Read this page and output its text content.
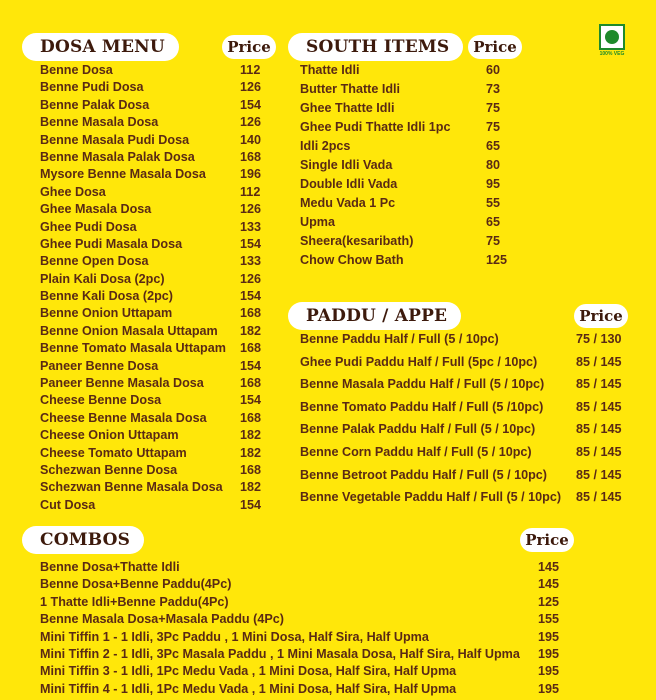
100% VEG
DOSA MENU	Price
Benne Dosa	112
Benne Pudi Dosa	126
Benne Palak Dosa	154
Benne Masala Dosa	126
Benne Masala Pudi Dosa	140
Benne Masala Palak Dosa	168
Mysore Benne Masala Dosa	196
Ghee Dosa	112
Ghee Masala Dosa	126
Ghee Pudi Dosa	133
Ghee Pudi Masala Dosa	154
Benne Open Dosa	133
Plain Kali Dosa (2pc)	126
Benne Kali Dosa (2pc)	154
Benne Onion Uttapam	168
Benne Onion Masala Uttapam 182
Benne Tomato Masala Uttapam 168
Paneer Benne Dosa	154
Paneer Benne Masala Dosa	168
Cheese Benne Dosa	154
Cheese Benne Masala Dosa	168
Cheese Onion Uttapam	182
Cheese Tomato Uttapam	182
Schezwan Benne Dosa	168
Schezwan Benne Masala Dosa 182
Cut Dosa	154
SOUTH ITEMS	Price
Thatte Idli	60
Butter Thatte Idli	73
Ghee Thatte Idli	75
Ghee Pudi Thatte Idli 1pc	75
Idli 2pcs	65
Single Idli Vada	80
Double Idli Vada	95
Medu Vada 1 Pc	55
Upma	65
Sheera(kesaribath)	75
Chow Chow Bath	125
PADDU / APPE	Price
Benne Paddu Half / Full (5 / 10pc)	75 / 130
Ghee Pudi Paddu Half / Full (5pc / 10pc)	85 / 145
Benne Masala Paddu Half / Full (5 / 10pc)	85 / 145
Benne Tomato Paddu Half / Full (5 /10pc)	85 / 145
Benne Palak Paddu Half / Full (5 / 10pc)	85 / 145
Benne Corn Paddu Half / Full (5 / 10pc)	85 / 145
Benne Betroot Paddu Half / Full (5 / 10pc) 85 / 145
Benne Vegetable Paddu Half / Full (5 / 10pc) 85 / 145
COMBOS	Price
Benne Dosa+Thatte Idli	145
Benne Dosa+Benne Paddu(4Pc)	145
1 Thatte Idli+Benne Paddu(4Pc)	125
Benne Masala Dosa+Masala Paddu (4Pc)	155
Mini Tiffin 1 - 1 Idli, 3Pc Paddu , 1 Mini Dosa, Half Sira, Half Upma	195
Mini Tiffin 2 - 1 Idli, 3Pc Masala Paddu , 1 Mini Masala Dosa, Half Sira, Half Upma 195
Mini Tiffin 3 - 1 Idli, 1Pc Medu Vada , 1 Mini Dosa, Half Sira, Half Upma	195
Mini Tiffin 4 - 1 Idli, 1Pc Medu Vada , 1 Mini Dosa, Half Sira, Half Upma	195
